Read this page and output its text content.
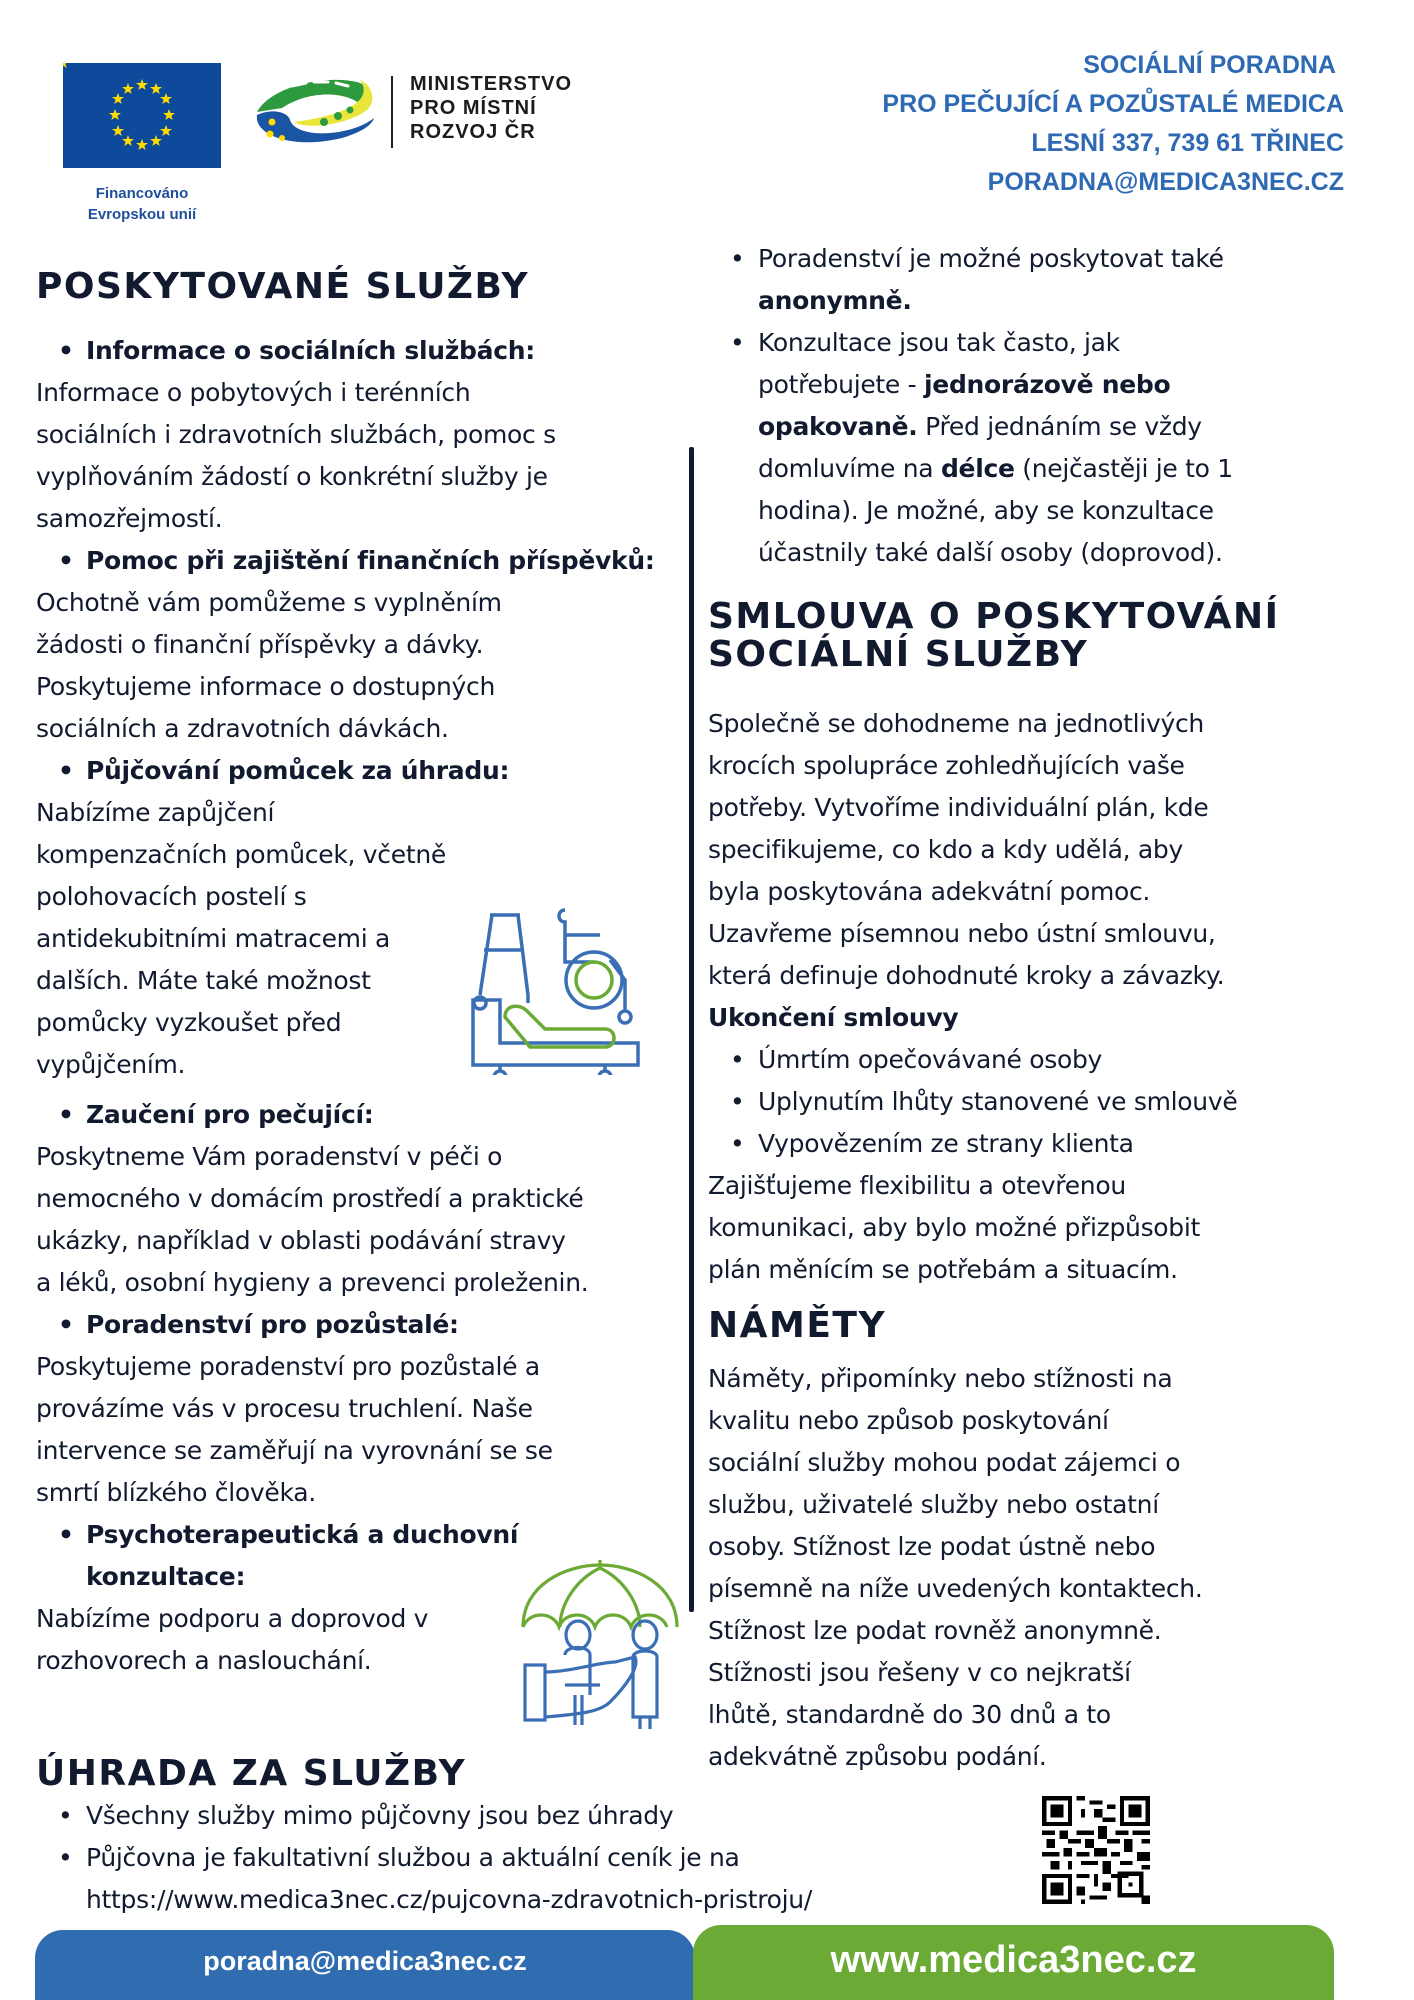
Financováno
Evropskou unií
MINISTERSTVO
PRO MÍSTNÍ
ROZVOJ ČR
SOCIÁLNÍ PORADNA
PRO PEČUJÍCÍ A POZŮSTALÉ MEDICA
LESNÍ 337, 739 61 TŘINEC
PORADNA@MEDICA3NEC.CZ
POSKYTOVANÉ SLUŽBY
• Informace o sociálních službách:
Informace o pobytových i terénních
sociálních i zdravotních službách, pomoc s
vyplňováním žádostí o konkrétní služby je
samozřejmostí.
• Pomoc při zajištění finančních příspěvků:
Ochotně vám pomůžeme s vyplněním
žádosti o finanční příspěvky a dávky.
Poskytujeme informace o dostupných
sociálních a zdravotních dávkách.
• Půjčování pomůcek za úhradu:
Nabízíme zapůjčení
kompenzačních pomůcek, včetně
polohovacích postelí s
antidekubitními matracemi a
dalších. Máte také možnost
pomůcky vyzkoušet před
vypůjčením.
• Zaučení pro pečující:
Poskytneme Vám poradenství v péči o
nemocného v domácím prostředí a praktické
ukázky, například v oblasti podávání stravy
a léků, osobní hygieny a prevenci proleženin.
• Poradenství pro pozůstalé:
Poskytujeme poradenství pro pozůstalé a
provázíme vás v procesu truchlení. Naše
intervence se zaměřují na vyrovnání se se
smrtí blízkého člověka.
• Psychoterapeutická a duchovní
konzultace:
Nabízíme podporu a doprovod v
rozhovorech a naslouchání.
• Poradenství je možné poskytovat také
anonymně.
• Konzultace jsou tak často, jak
potřebujete - jednorázově nebo
opakovaně. Před jednáním se vždy
domluvíme na délce (nejčastěji je to 1
hodina). Je možné, aby se konzultace
účastnily také další osoby (doprovod).
SMLOUVA O POSKYTOVÁNÍ
SOCIÁLNÍ SLUŽBY
Společně se dohodneme na jednotlivých
krocích spolupráce zohledňujících vaše
potřeby. Vytvoříme individuální plán, kde
specifikujeme, co kdo a kdy udělá, aby
byla poskytována adekvátní pomoc.
Uzavřeme písemnou nebo ústní smlouvu,
která definuje dohodnuté kroky a závazky.
Ukončení smlouvy
• Úmrtím opečovávané osoby
• Uplynutím lhůty stanovené ve smlouvě
• Vypovězením ze strany klienta
Zajišťujeme flexibilitu a otevřenou
komunikaci, aby bylo možné přizpůsobit
plán měnícím se potřebám a situacím.
NÁMĚTY
Náměty, připomínky nebo stížnosti na
kvalitu nebo způsob poskytování
sociální služby mohou podat zájemci o
službu, uživatelé služby nebo ostatní
osoby. Stížnost lze podat ústně nebo
písemně na níže uvedených kontaktech.
Stížnost lze podat rovněž anonymně.
Stížnosti jsou řešeny v co nejkratší
lhůtě, standardně do 30 dnů a to
adekvátně způsobu podání.
ÚHRADA ZA SLUŽBY
• Všechny služby mimo půjčovny jsou bez úhrady
• Půjčovna je fakultativní službou a aktuální ceník je na
https://www.medica3nec.cz/pujcovna-zdravotnich-pristroju/
poradna@medica3nec.cz	www.medica3nec.cz
